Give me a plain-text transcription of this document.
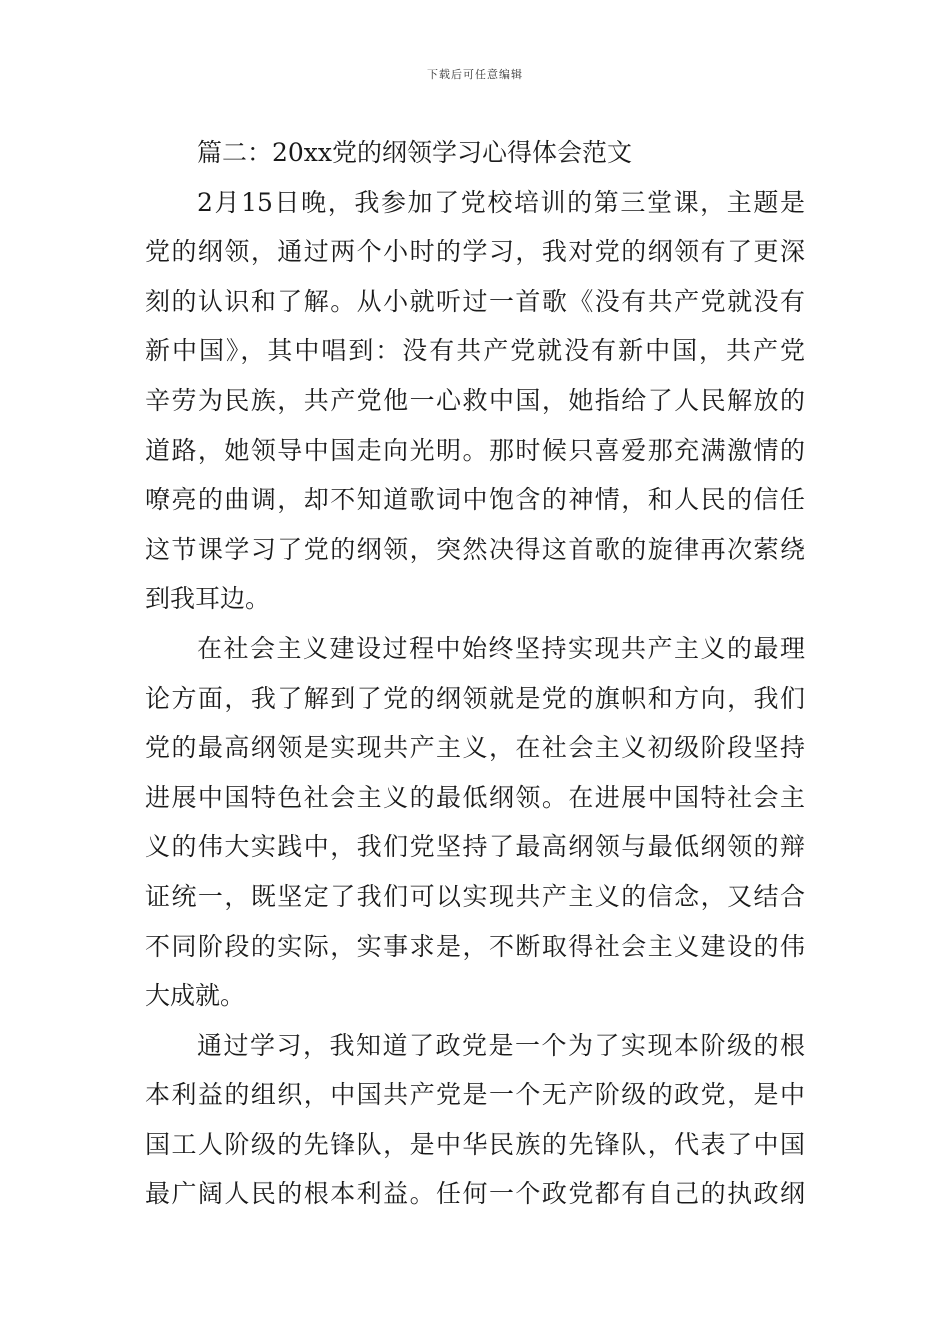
下载后可任意编辑
篇二：20xx党的纲领学习心得体会范文
2月15日晚，我参加了党校培训的第三堂课，主题是
党的纲领，通过两个小时的学习，我对党的纲领有了更深
刻的认识和了解。从小就听过一首歌《没有共产党就没有
新中国》，其中唱到：没有共产党就没有新中国，共产党
辛劳为民族，共产党他一心救中国，她指给了人民解放的
道路，她领导中国走向光明。那时候只喜爱那充满激情的
嘹亮的曲调，却不知道歌词中饱含的神情，和人民的信任
这节课学习了党的纲领，突然决得这首歌的旋律再次萦绕
到我耳边。
在社会主义建设过程中始终坚持实现共产主义的最理
论方面，我了解到了党的纲领就是党的旗帜和方向，我们
党的最高纲领是实现共产主义，在社会主义初级阶段坚持
进展中国特色社会主义的最低纲领。在进展中国特社会主
义的伟大实践中，我们党坚持了最高纲领与最低纲领的辩
证统一，既坚定了我们可以实现共产主义的信念，又结合
不同阶段的实际，实事求是，不断取得社会主义建设的伟
大成就。
通过学习，我知道了政党是一个为了实现本阶级的根
本利益的组织，中国共产党是一个无产阶级的政党，是中
国工人阶级的先锋队，是中华民族的先锋队，代表了中国
最广阔人民的根本利益。任何一个政党都有自己的执政纲
